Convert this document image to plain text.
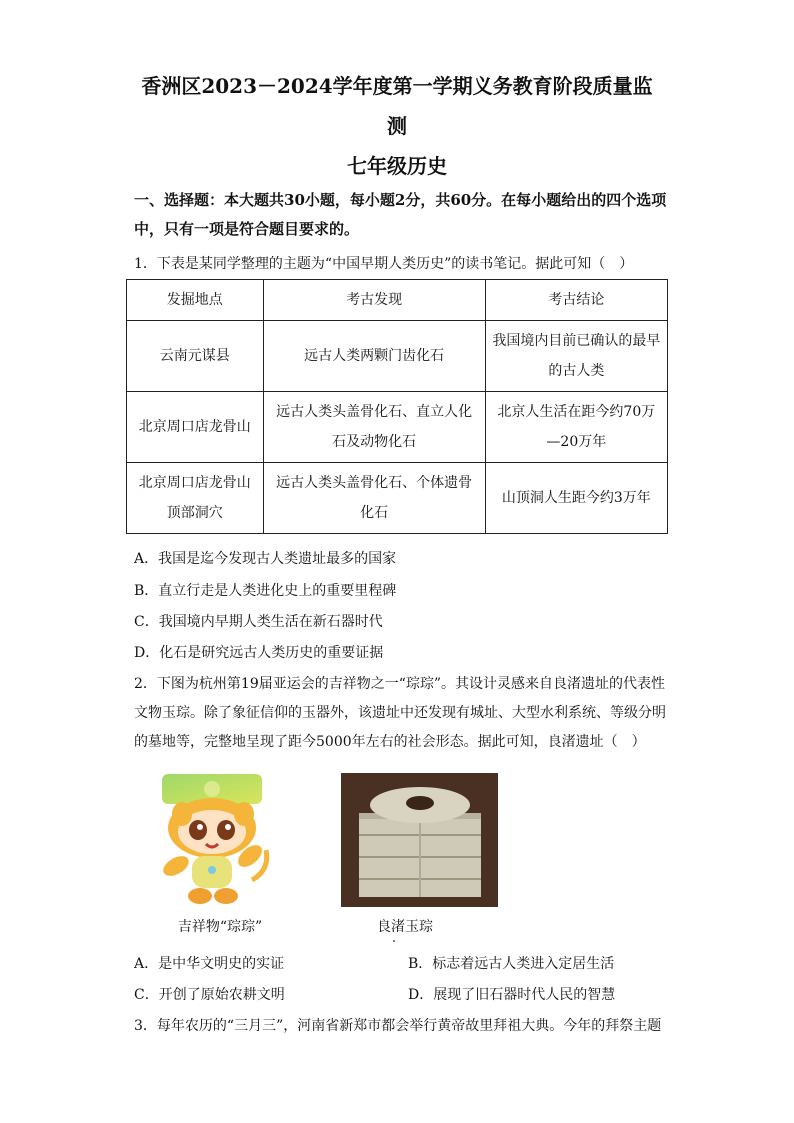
香洲区2023－2024学年度第一学期义务教育阶段质量监
测
七年级历史
一、选择题：本大题共30小题，每小题2分，共60分。在每小题给出的四个选项中，只有一项是符合题目要求的。
1．下表是某同学整理的主题为“中国早期人类历史”的读书笔记。据此可知（　）
发掘地点	考古发现	考古结论
云南元谋县	远古人类两颗门齿化石	我国境内目前已确认的最早的古人类
北京周口店龙骨山	远古人类头盖骨化石、直立人化石及动物化石	北京人生活在距今约70万—20万年
北京周口店龙骨山顶部洞穴	远古人类头盖骨化石、个体遗骨化石	山顶洞人生距今约3万年
A．我国是迄今发现古人类遗址最多的国家
B．直立行走是人类进化史上的重要里程碑
C．我国境内早期人类生活在新石器时代
D．化石是研究远古人类历史的重要证据
2．下图为杭州第19届亚运会的吉祥物之一“琮琮”。其设计灵感来自良渚遗址的代表性文物玉琮。除了象征信仰的玉器外，该遗址中还发现有城址、大型水利系统、等级分明的墓地等，完整地呈现了距今5000年左右的社会形态。据此可知，良渚遗址（　）
吉祥物“琮琮”	良渚玉琮
A．是中华文明史的实证	B．标志着远古人类进入定居生活
C．开创了原始农耕文明	D．展现了旧石器时代人民的智慧
3．每年农历的“三月三”，河南省新郑市都会举行黄帝故里拜祖大典。今年的拜祭主题
